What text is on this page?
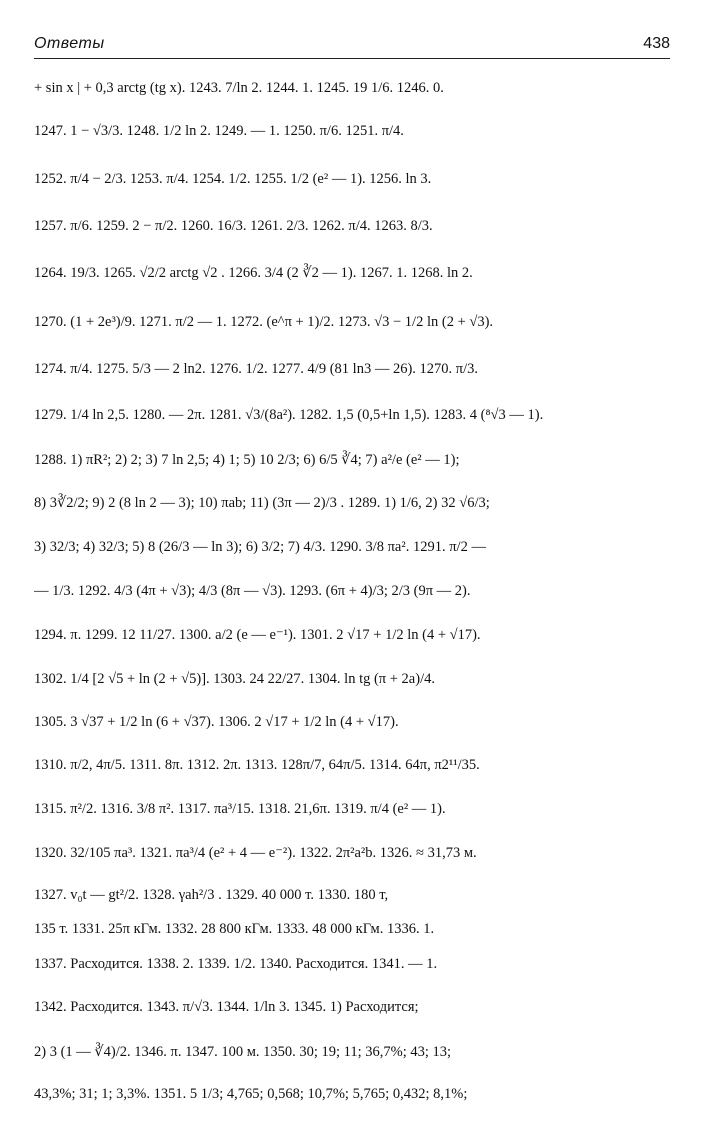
Ответы	438
+ sin x | + 0,3 arctg (tg x). 1243. 7/ln 2. 1244. 1. 1245. 19 1/6. 1246. 0.
1247. 1 − √3/3. 1248. 1/2 ln 2. 1249. — 1. 1250. π/6. 1251. π/4.
1252. π/4 − 2/3. 1253. π/4. 1254. 1/2. 1255. 1/2 (e² — 1). 1256. ln 3.
1257. π/6. 1259. 2 − π/2. 1260. 16/3. 1261. 2/3. 1262. π/4. 1263. 8/3.
1264. 19/3. 1265. √2/2 arctg √2 . 1266. 3/4 (2 ∛2 — 1). 1267. 1. 1268. ln 2.
1270. (1 + 2e³)/9. 1271. π/2 — 1. 1272. (e^π + 1)/2. 1273. √3 − 1/2 ln (2 + √3).
1274. π/4. 1275. 5/3 — 2 ln2. 1276. 1/2. 1277. 4/9 (81 ln3 — 26). 1270. π/3.
1279. 1/4 ln 2,5. 1280. — 2π. 1281. √3/(8a²). 1282. 1,5 (0,5+ln 1,5). 1283. 4 (⁸√3 — 1).
1288. 1) πR²; 2) 2; 3) 7 ln 2,5; 4) 1; 5) 10 2/3; 6) 6/5 ∛4; 7) a²/e (e² — 1);
8) 3∛2/2; 9) 2 (8 ln 2 — 3); 10) πab; 11) (3π — 2)/3 . 1289. 1) 1/6, 2) 32 √6/3;
3) 32/3; 4) 32/3; 5) 8 (26/3 — ln 3); 6) 3/2; 7) 4/3. 1290. 3/8 πa². 1291. π/2 —
— 1/3. 1292. 4/3 (4π + √3); 4/3 (8π — √3). 1293. (6π + 4)/3; 2/3 (9π — 2).
1294. π. 1299. 12 11/27. 1300. a/2 (e — e⁻¹). 1301. 2 √17 + 1/2 ln (4 + √17).
1302. 1/4 [2 √5 + ln (2 + √5)]. 1303. 24 22/27. 1304. ln tg (π + 2a)/4.
1305. 3 √37 + 1/2 ln (6 + √37). 1306. 2 √17 + 1/2 ln (4 + √17).
1310. π/2, 4π/5. 1311. 8π. 1312. 2π. 1313. 128π/7, 64π/5. 1314. 64π, π2¹¹/35.
1315. π²/2. 1316. 3/8 π². 1317. πa³/15. 1318. 21,6π. 1319. π/4 (e² — 1).
1320. 32/105 πa³. 1321. πa³/4 (e² + 4 — e⁻²). 1322. 2π²a²b. 1326. ≈ 31,73 м.
1327. v₀t — gt²/2. 1328. γah²/3 . 1329. 40 000 т. 1330. 180 т,
135 т. 1331. 25π кГм. 1332. 28 800 кГм. 1333. 48 000 кГм. 1336. 1.
1337. Расходится. 1338. 2. 1339. 1/2. 1340. Расходится. 1341. — 1.
1342. Расходится. 1343. π/√3. 1344. 1/ln 3. 1345. 1) Расходится;
2) 3 (1 — ∛4)/2. 1346. π. 1347. 100 м. 1350. 30; 19; 11; 36,7%; 43; 13;
43,3%; 31; 1; 3,3%. 1351. 5 1/3; 4,765; 0,568; 10,7%; 5,765; 0,432; 8,1%;
